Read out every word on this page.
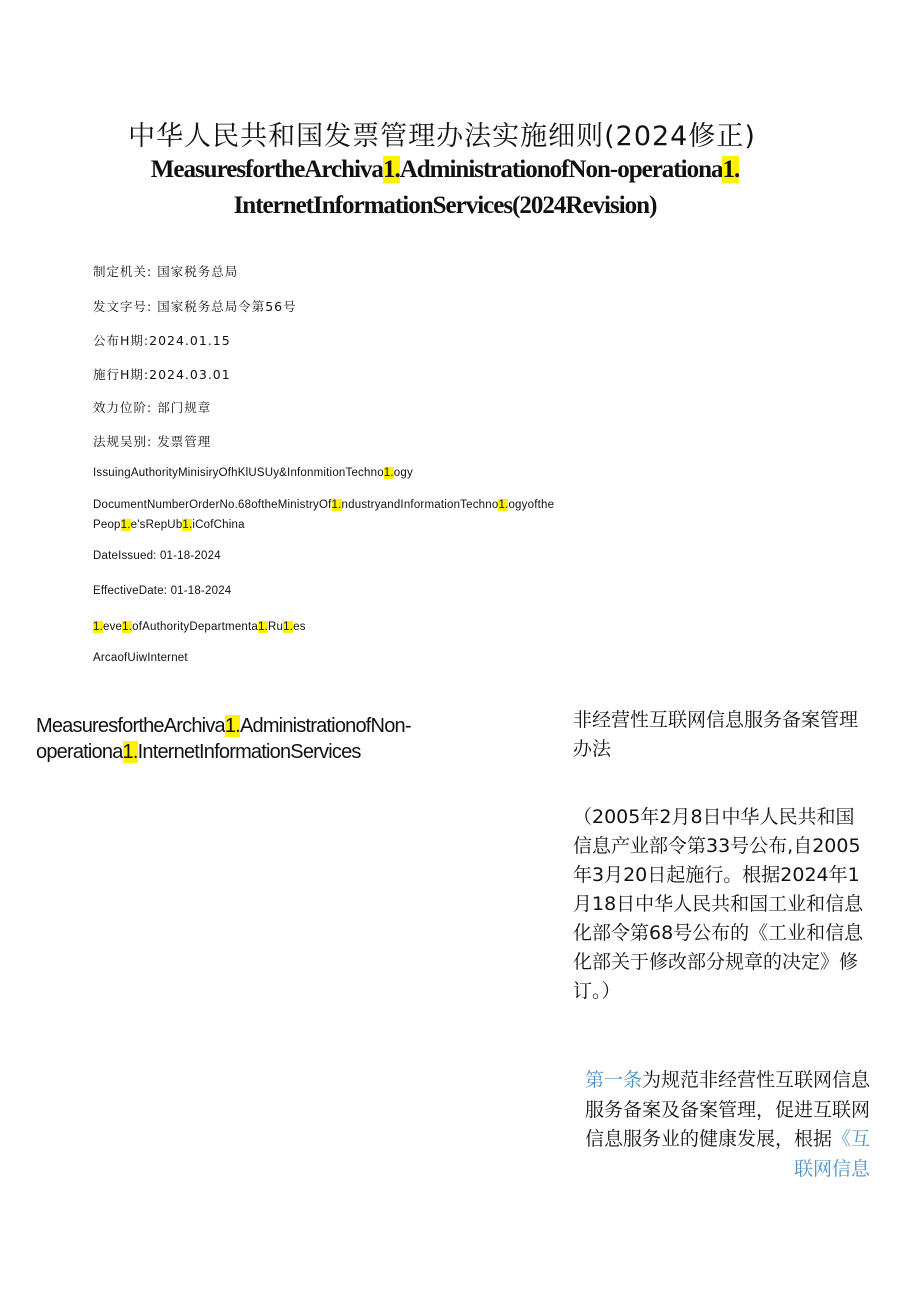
中华人民共和国发票管理办法实施细则(2024修正)
MeasuresfortheArchiva1.AdministrationofNon-operationa1.
InternetInformationServices(2024Revision)
制定机关: 国家税务总局
发文字号: 国家税务总局令第56号
公布H期:2024.01.15
施行H期:2024.03.01
效力位阶: 部门规章
法规吴别: 发票管理
IssuingAuthorityMinisiryOfhKlUSUy&InfonmitionTechno1.ogy
DocumentNumberOrderNo.68oftheMinistryOf1.ndustryandInformationTechno1.ogyofthe
Peop1.e'sRepUb1.iCofChina
DateIssued: 01-18-2024
EffectiveDate: 01-18-2024
1.eve1.ofAuthorityDepartmenta1.Ru1.es
ArcaofUiwInternet
MeasuresfortheArchiva1.AdministrationofNon-
operationa1.InternetInformationServices
非经营性互联网信息服务备案管理办法
（2005年2月8日中华人民共和国信息产业部令第33号公布,自2005年3月20日起施行。根据2024年1月18日中华人民共和国工业和信息化部令第68号公布的《工业和信息化部关于修改部分规章的决定》修订。）
第一条为规范非经营性互联网信息服务备案及备案管理，促进互联网信息服务业的健康发展，根据《互联网信息
